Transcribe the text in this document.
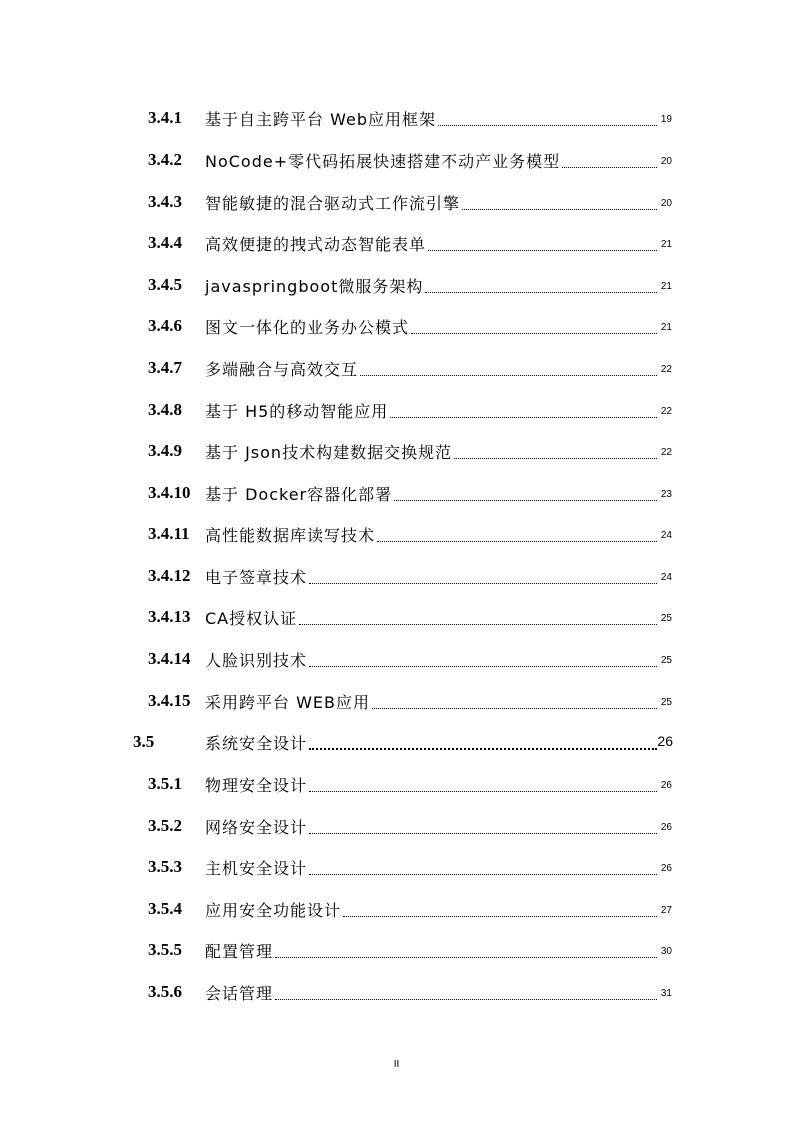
3.4.1 基于自主跨平台 Web应用框架	19
3.4.2 NoCode+零代码拓展快速搭建不动产业务模型	20
3.4.3 智能敏捷的混合驱动式工作流引擎	20
3.4.4 高效便捷的拽式动态智能表单	21
3.4.5 javaspringboot微服务架构	21
3.4.6 图文一体化的业务办公模式	21
3.4.7 多端融合与高效交互	22
3.4.8 基于 H5的移动智能应用	22
3.4.9 基于 Json技术构建数据交换规范	22
3.4.10 基于 Docker容器化部署	23
3.4.11 高性能数据库读写技术	24
3.4.12 电子签章技术	24
3.4.13 CA授权认证	25
3.4.14 人脸识别技术	25
3.4.15 采用跨平台 WEB应用	25
3.5	系统安全设计	26
3.5.1 物理安全设计	26
3.5.2 网络安全设计	26
3.5.3 主机安全设计	26
3.5.4 应用安全功能设计	27
3.5.5 配置管理	30
3.5.6 会话管理	31
II
